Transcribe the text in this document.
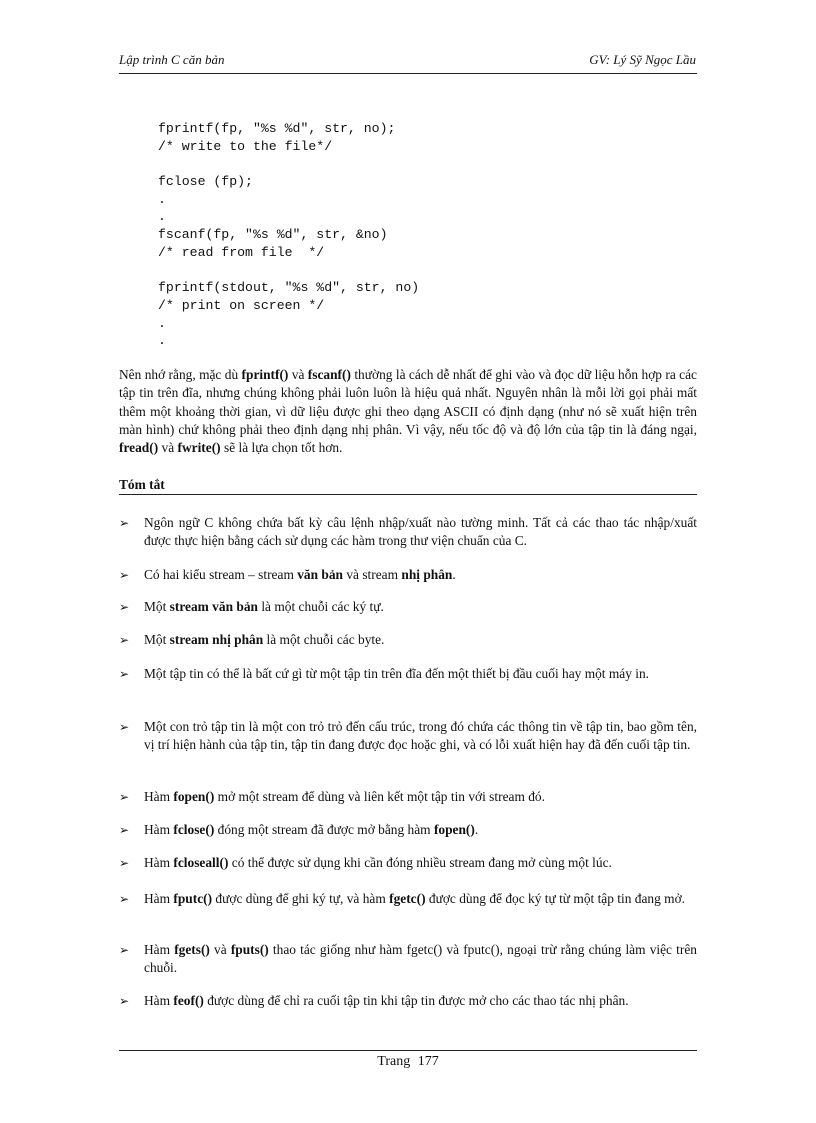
Lập trình C căn bản	GV: Lý Sỹ Ngọc Lầu
fprintf(fp, "%s %d", str, no);
/* write to the file*/
fclose (fp);
.
.
fscanf(fp, "%s %d", str, &no)
/* read from file  */
fprintf(stdout, "%s %d", str, no)
/* print on screen */
.
.

Nên nhớ rằng, mặc dù fprintf() và fscanf() thường là cách dễ nhất để ghi vào và đọc dữ liệu hỗn hợp ra các tập tin trên đĩa, nhưng chúng không phải luôn luôn là hiệu quả nhất. Nguyên nhân là mỗi lời gọi phải mất thêm một khoảng thời gian, vì dữ liệu được ghi theo dạng ASCII có định dạng (như nó sẽ xuất hiện trên màn hình) chứ không phải theo định dạng nhị phân. Vì vậy, nếu tốc độ và độ lớn của tập tin là đáng ngại, fread() và fwrite() sẽ là lựa chọn tốt hơn.

Tóm tắt
➢ Ngôn ngữ C không chứa bất kỳ câu lệnh nhập/xuất nào tường minh. Tất cả các thao tác nhập/xuất được thực hiện bằng cách sử dụng các hàm trong thư viện chuẩn của C.
➢ Có hai kiểu stream – stream văn bản và stream nhị phân.
➢ Một stream văn bản là một chuỗi các ký tự.
➢ Một stream nhị phân là một chuỗi các byte.
➢ Một tập tin có thể là bất cứ gì từ một tập tin trên đĩa đến một thiết bị đầu cuối hay một máy in.
➢ Một con trỏ tập tin là một con trỏ trỏ đến cấu trúc, trong đó chứa các thông tin về tập tin, bao gồm tên, vị trí hiện hành của tập tin, tập tin đang được đọc hoặc ghi, và có lỗi xuất hiện hay đã đến cuối tập tin.
➢ Hàm fopen() mở một stream để dùng và liên kết một tập tin với stream đó.
➢ Hàm fclose() đóng một stream đã được mở bằng hàm fopen().
➢ Hàm fcloseall() có thể được sử dụng khi cần đóng nhiều stream đang mở cùng một lúc.
➢ Hàm fputc() được dùng để ghi ký tự, và hàm fgetc() được dùng để đọc ký tự từ một tập tin đang mở.
➢ Hàm fgets() và fputs() thao tác giống như hàm fgetc() và fputc(), ngoại trừ rằng chúng làm việc trên chuỗi.
➢ Hàm feof() được dùng để chỉ ra cuối tập tin khi tập tin được mở cho các thao tác nhị phân.
Trang 177
